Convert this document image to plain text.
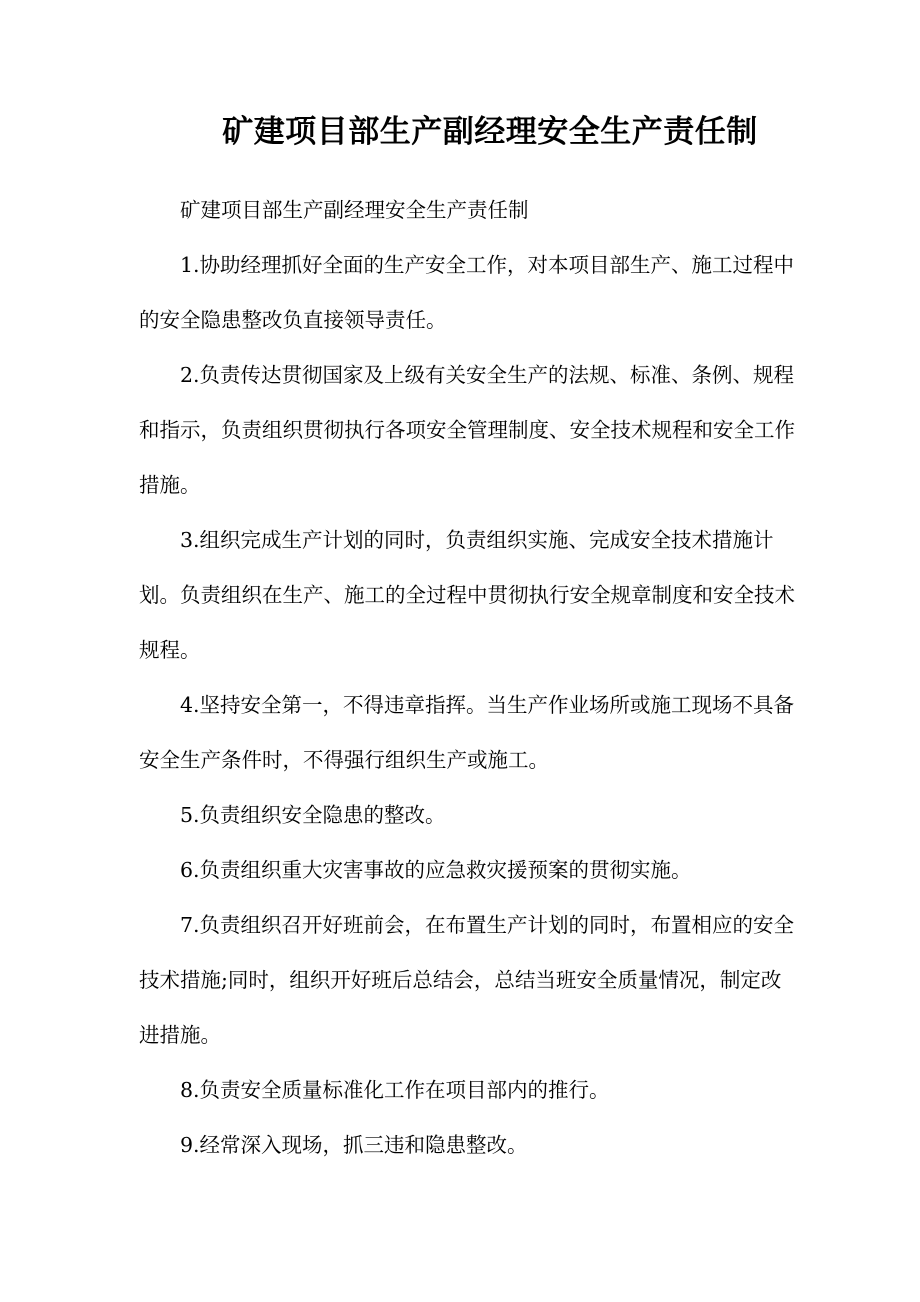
矿建项目部生产副经理安全生产责任制

矿建项目部生产副经理安全生产责任制

1.协助经理抓好全面的生产安全工作，对本项目部生产、施工过程中的安全隐患整改负直接领导责任。

2.负责传达贯彻国家及上级有关安全生产的法规、标准、条例、规程和指示，负责组织贯彻执行各项安全管理制度、安全技术规程和安全工作措施。

3.组织完成生产计划的同时，负责组织实施、完成安全技术措施计划。负责组织在生产、施工的全过程中贯彻执行安全规章制度和安全技术规程。

4.坚持安全第一，不得违章指挥。当生产作业场所或施工现场不具备安全生产条件时，不得强行组织生产或施工。

5.负责组织安全隐患的整改。

6.负责组织重大灾害事故的应急救灾援预案的贯彻实施。

7.负责组织召开好班前会，在布置生产计划的同时，布置相应的安全技术措施;同时，组织开好班后总结会，总结当班安全质量情况，制定改进措施。

8.负责安全质量标准化工作在项目部内的推行。

9.经常深入现场，抓三违和隐患整改。
